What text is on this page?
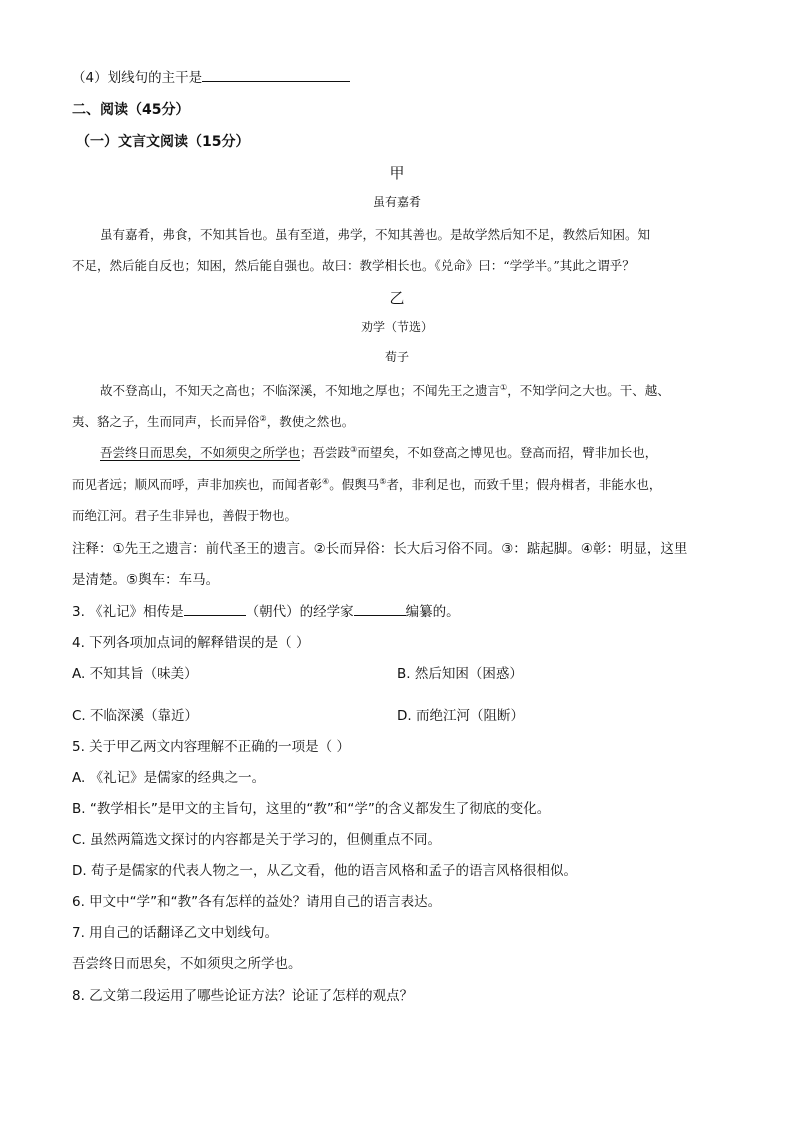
（4）划线句的主干是
二、阅读（45分）
（一）文言文阅读（15分）
甲
虽有嘉肴
虽有嘉肴，弗食，不知其旨也。虽有至道，弗学，不知其善也。是故学然后知不足，教然后知困。知
不足，然后能自反也；知困，然后能自强也。故曰：教学相长也。《兑命》曰：“学学半。”其此之谓乎？
乙
劝学（节选）
荀子
故不登高山，不知天之高也；不临深溪，不知地之厚也；不闻先王之遗言①，不知学问之大也。干、越、
夷、貉之子，生而同声，长而异俗②，教使之然也。
吾尝终日而思矣，不如须臾之所学也；吾尝跂③而望矣，不如登高之博见也。登高而招，臂非加长也，
而见者远；顺风而呼，声非加疾也，而闻者彰④。假舆马⑤者，非利足也，而致千里；假舟楫者，非能水也，
而绝江河。君子生非异也，善假于物也。
注释：①先王之遗言：前代圣王的遗言。②长而异俗：长大后习俗不同。③：踮起脚。④彰：明显，这里
是清楚。⑤舆车：车马。
3. 《礼记》相传是	（朝代）的经学家	编纂的。
4. 下列各项加点词的解释错误的是（ ）
A. 不知其旨（味美）	B. 然后知困（困惑）
C. 不临深溪（靠近）	D. 而绝江河（阻断）
5. 关于甲乙两文内容理解不正确的一项是（ ）
A. 《礼记》是儒家的经典之一。
B. “教学相长”是甲文的主旨句，这里的“教”和“学”的含义都发生了彻底的变化。
C. 虽然两篇选文探讨的内容都是关于学习的，但侧重点不同。
D. 荀子是儒家的代表人物之一，从乙文看，他的语言风格和孟子的语言风格很相似。
6. 甲文中“学”和“教”各有怎样的益处？请用自己的语言表达。
7. 用自己的话翻译乙文中划线句。
吾尝终日而思矣，不如须臾之所学也。
8. 乙文第二段运用了哪些论证方法？论证了怎样的观点？
